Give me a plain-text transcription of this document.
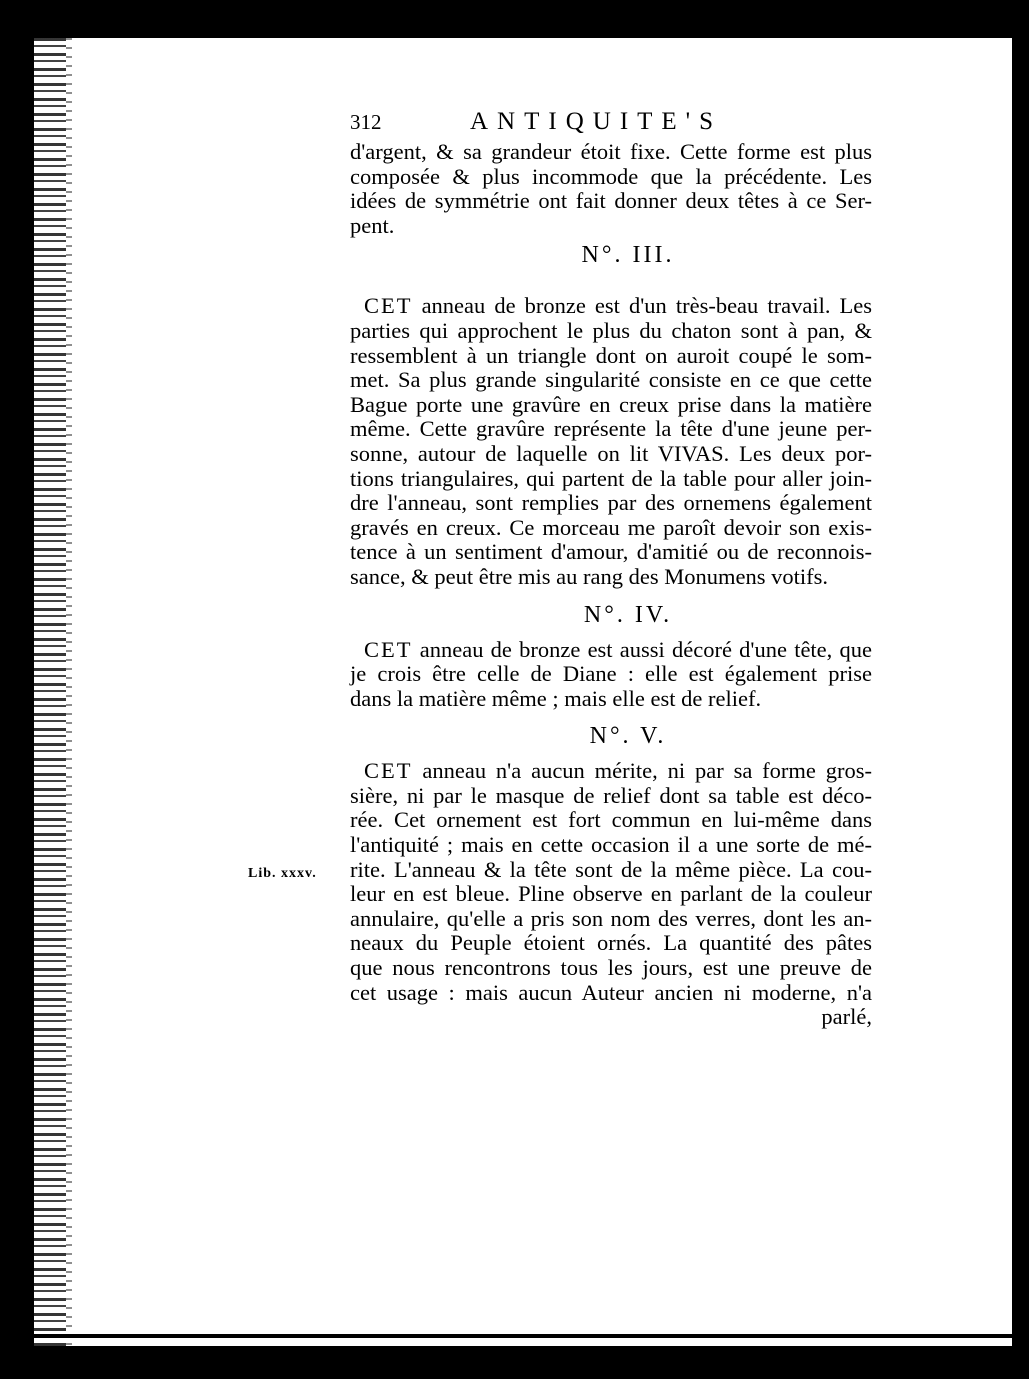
Lib. xxxv.
312	ANTIQUITE'S
d'argent, & sa grandeur étoit fixe. Cette forme est plus
composée & plus incommode que la précédente. Les
idées de symmétrie ont fait donner deux têtes à ce Ser-
pent.
N°. III.
CET anneau de bronze est d'un très-beau travail. Les
parties qui approchent le plus du chaton sont à pan, &
ressemblent à un triangle dont on auroit coupé le som-
met. Sa plus grande singularité consiste en ce que cette
Bague porte une gravûre en creux prise dans la matière
même. Cette gravûre représente la tête d'une jeune per-
sonne, autour de laquelle on lit VIVAS. Les deux por-
tions triangulaires, qui partent de la table pour aller join-
dre l'anneau, sont remplies par des ornemens également
gravés en creux. Ce morceau me paroît devoir son exis-
tence à un sentiment d'amour, d'amitié ou de reconnois-
sance, & peut être mis au rang des Monumens votifs.
N°. IV.
CET anneau de bronze est aussi décoré d'une tête, que
je crois être celle de Diane : elle est également prise
dans la matière même ; mais elle est de relief.
N°. V.
CET anneau n'a aucun mérite, ni par sa forme gros-
sière, ni par le masque de relief dont sa table est déco-
rée. Cet ornement est fort commun en lui-même dans
l'antiquité ; mais en cette occasion il a une sorte de mé-
rite. L'anneau & la tête sont de la même pièce. La cou-
leur en est bleue. Pline observe en parlant de la couleur
annulaire, qu'elle a pris son nom des verres, dont les an-
neaux du Peuple étoient ornés. La quantité des pâtes
que nous rencontrons tous les jours, est une preuve de
cet usage : mais aucun Auteur ancien ni moderne, n'a
parlé,
